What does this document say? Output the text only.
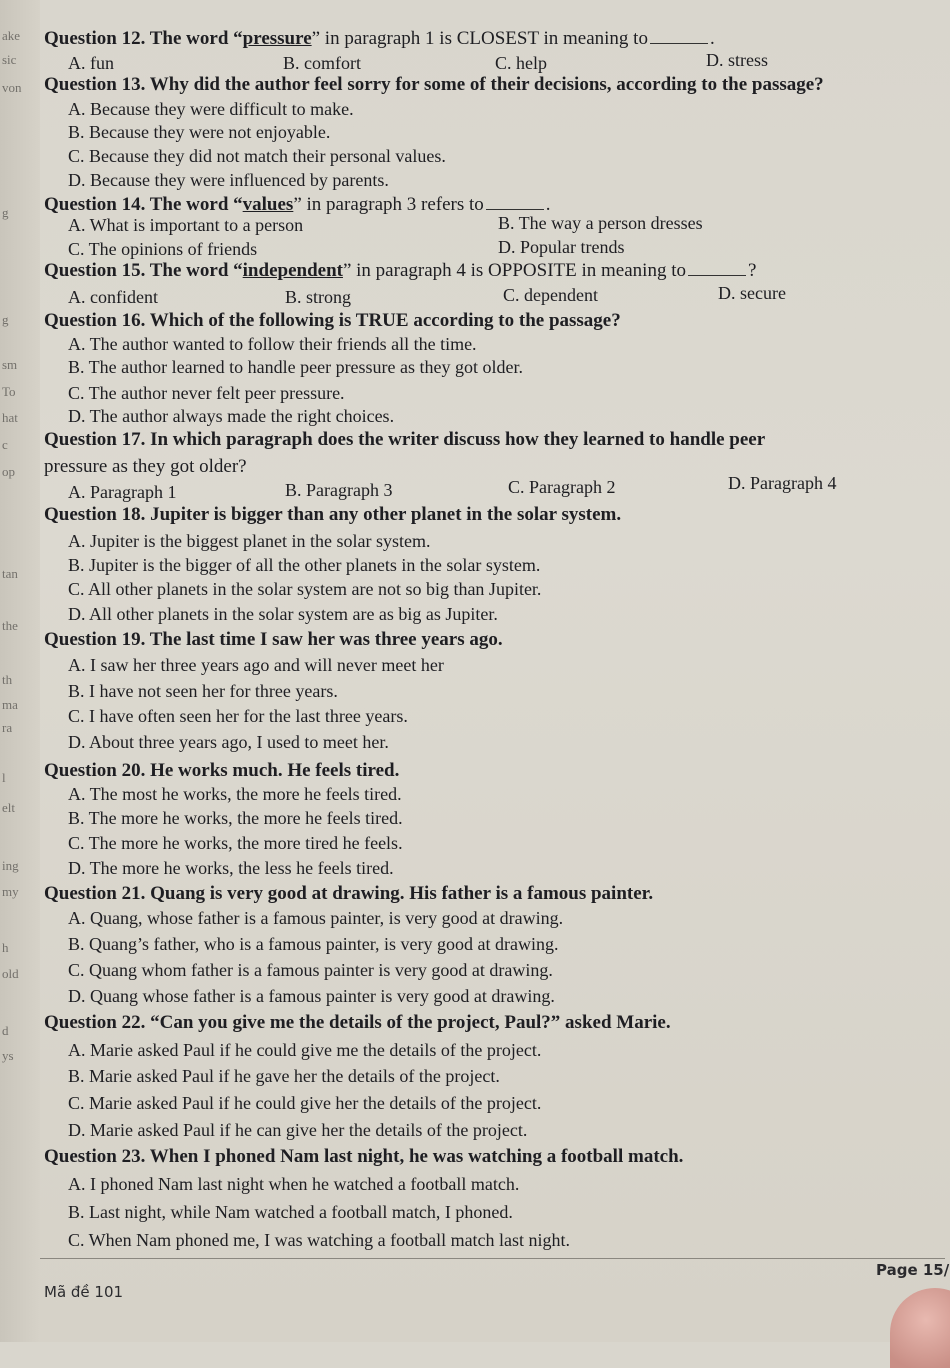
ake
sic
von
g
g
sm
To
hat
c
op
tan
the
th
ma
ra
l
elt
ing
my
h
old
d
ys
Question 12. The word “pressure” in paragraph 1 is CLOSEST in meaning to	.
A. fun	B. comfort	C. help	D. stress
Question 13. Why did the author feel sorry for some of their decisions, according to the passage?
A. Because they were difficult to make.
B. Because they were not enjoyable.
C. Because they did not match their personal values.
D. Because they were influenced by parents.
Question 14. The word “values” in paragraph 3 refers to	.
A. What is important to a person	B. The way a person dresses
C. The opinions of friends	D. Popular trends
Question 15. The word “independent” in paragraph 4 is OPPOSITE in meaning to	?
A. confident	B. strong	C. dependent	D. secure
Question 16. Which of the following is TRUE according to the passage?
A. The author wanted to follow their friends all the time.
B. The author learned to handle peer pressure as they got older.
C. The author never felt peer pressure.
D. The author always made the right choices.
Question 17. In which paragraph does the writer discuss how they learned to handle peer
pressure as they got older?
A. Paragraph 1	B. Paragraph 3	C. Paragraph 2	D. Paragraph 4
Question 18. Jupiter is bigger than any other planet in the solar system.
A. Jupiter is the biggest planet in the solar system.
B. Jupiter is the bigger of all the other planets in the solar system.
C. All other planets in the solar system are not so big than Jupiter.
D. All other planets in the solar system are as big as Jupiter.
Question 19. The last time I saw her was three years ago.
A. I saw her three years ago and will never meet her
B. I have not seen her for three years.
C. I have often seen her for the last three years.
D. About three years ago, I used to meet her.
Question 20. He works much. He feels tired.
A. The most he works, the more he feels tired.
B. The more he works, the more he feels tired.
C. The more he works, the more tired he feels.
D. The more he works, the less he feels tired.
Question 21. Quang is very good at drawing. His father is a famous painter.
A. Quang, whose father is a famous painter, is very good at drawing.
B. Quang’s father, who is a famous painter, is very good at drawing.
C. Quang whom father is a famous painter is very good at drawing.
D. Quang whose father is a famous painter is very good at drawing.
Question 22. “Can you give me the details of the project, Paul?” asked Marie.
A. Marie asked Paul if he could give me the details of the project.
B. Marie asked Paul if he gave her the details of the project.
C. Marie asked Paul if he could give her the details of the project.
D. Marie asked Paul if he can give her the details of the project.
Question 23. When I phoned Nam last night, he was watching a football match.
A. I phoned Nam last night when he watched a football match.
B. Last night, while Nam watched a football match, I phoned.
C. When Nam phoned me, I was watching a football match last night.
Page 15/
Mã đề 101
